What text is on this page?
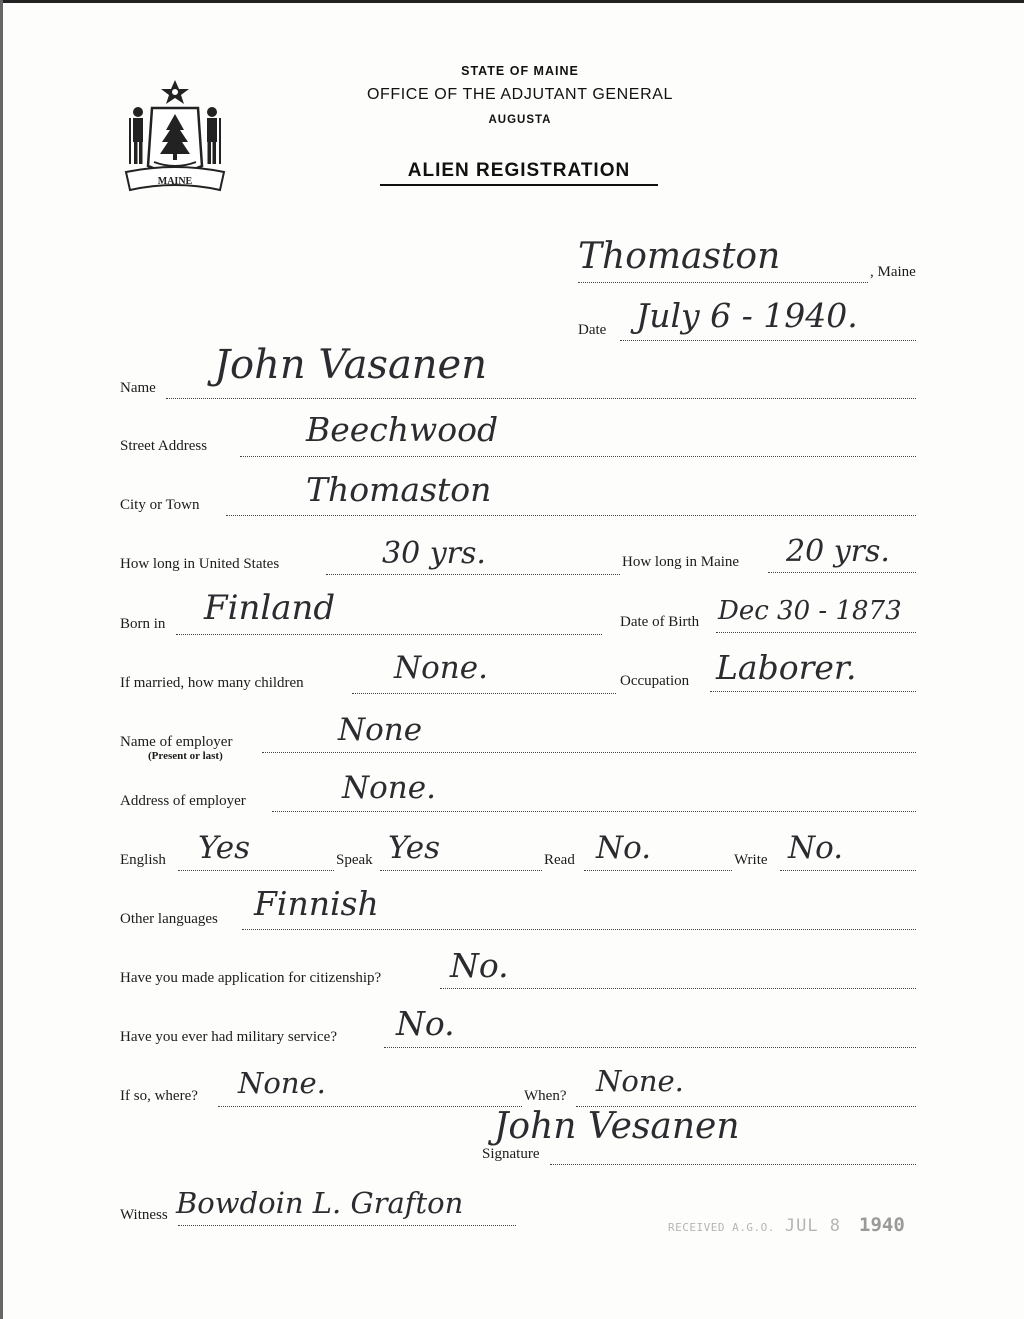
MAINE
STATE OF MAINE
OFFICE OF THE ADJUTANT GENERAL
AUGUSTA
ALIEN REGISTRATION
Thomaston	, Maine
Date July 6 - 1940.
Name John Vasanen
Street Address	Beechwood
City or Town	Thomaston
How long in United States	30 yrs.	How long in Maine 20 yrs.
Born in Finland	Date of Birth Dec 30 - 1873
If married, how many children	None.	Occupation Laborer.
Name of employer
(Present or last)
None
Address of employer	None.
English Yes	Speak Yes	Read No.	Write No.
Other languages Finnish
Have you made application for citizenship? No.
Have you ever had military service? No.
If so, where? None.	When? None.
John Vesanen
Signature
Witness Bowdoin L. Grafton
RECEIVED A.G.O. JUL 8 1940
